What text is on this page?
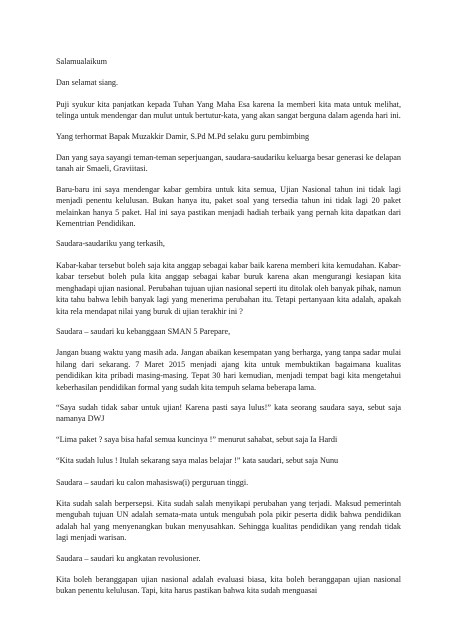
Salamualaikum

Dan selamat siang.

Puji syukur kita panjatkan kepada Tuhan Yang Maha Esa karena Ia memberi kita mata untuk melihat, telinga untuk mendengar dan mulut untuk bertutur-kata, yang akan sangat berguna dalam agenda hari ini.

Yang terhormat Bapak Muzakkir Damir, S.Pd M.Pd selaku guru pembimbing

Dan yang saya sayangi teman-teman seperjuangan, saudara-saudariku keluarga besar generasi ke delapan tanah air Smaeli, Graviitasi.

Baru-baru ini saya mendengar kabar gembira untuk kita semua, Ujian Nasional tahun ini tidak lagi menjadi penentu kelulusan. Bukan hanya itu, paket soal yang tersedia tahun ini tidak lagi 20 paket melainkan hanya 5 paket. Hal ini saya pastikan menjadi hadiah terbaik yang pernah kita dapatkan dari Kementrian Pendidikan.

Saudara-saudariku yang terkasih,

Kabar-kabar tersebut boleh saja kita anggap sebagai kabar baik karena memberi kita kemudahan. Kabar-kabar tersebut boleh pula kita anggap sebagai kabar buruk karena akan mengurangi kesiapan kita menghadapi ujian nasional. Perubahan tujuan ujian nasional seperti itu ditolak oleh banyak pihak, namun kita tahu bahwa lebih banyak lagi yang menerima perubahan itu. Tetapi pertanyaan kita adalah, apakah kita rela mendapat nilai yang buruk di ujian terakhir ini ?

Saudara – saudari ku kebanggaan SMAN 5 Parepare,

Jangan buang waktu yang masih ada. Jangan abaikan kesempatan yang berharga, yang tanpa sadar mulai hilang dari sekarang. 7 Maret 2015 menjadi ajang kita untuk membuktikan bagaimana kualitas pendidikan kita pribadi masing-masing. Tepat 30 hari kemudian, menjadi tempat bagi kita mengetahui keberhasilan pendidikan formal yang sudah kita tempuh selama beberapa lama.

“Saya sudah tidak sabar untuk ujian! Karena pasti saya lulus!” kata seorang saudara saya, sebut saja namanya DWJ

“Lima paket ? saya bisa hafal semua kuncinya !” menurut sahabat, sebut saja Ia Hardi

“Kita sudah lulus ! Itulah sekarang saya malas belajar !” kata saudari, sebut saja Nunu

Saudara – saudari ku calon mahasiswa(i) perguruan tinggi.

Kita sudah salah berpersepsi. Kita sudah salah menyikapi perubahan yang terjadi. Maksud pemerintah mengubah tujuan UN adalah semata-mata untuk mengubah pola pikir peserta didik bahwa pendidikan adalah hal yang menyenangkan bukan menyusahkan. Sehingga kualitas pendidikan yang rendah tidak lagi menjadi warisan.

Saudara – saudari ku angkatan revolusioner.

Kita boleh beranggapan ujian nasional adalah evaluasi biasa, kita boleh beranggapan ujian nasional bukan penentu kelulusan. Tapi, kita harus pastikan bahwa kita sudah menguasai
